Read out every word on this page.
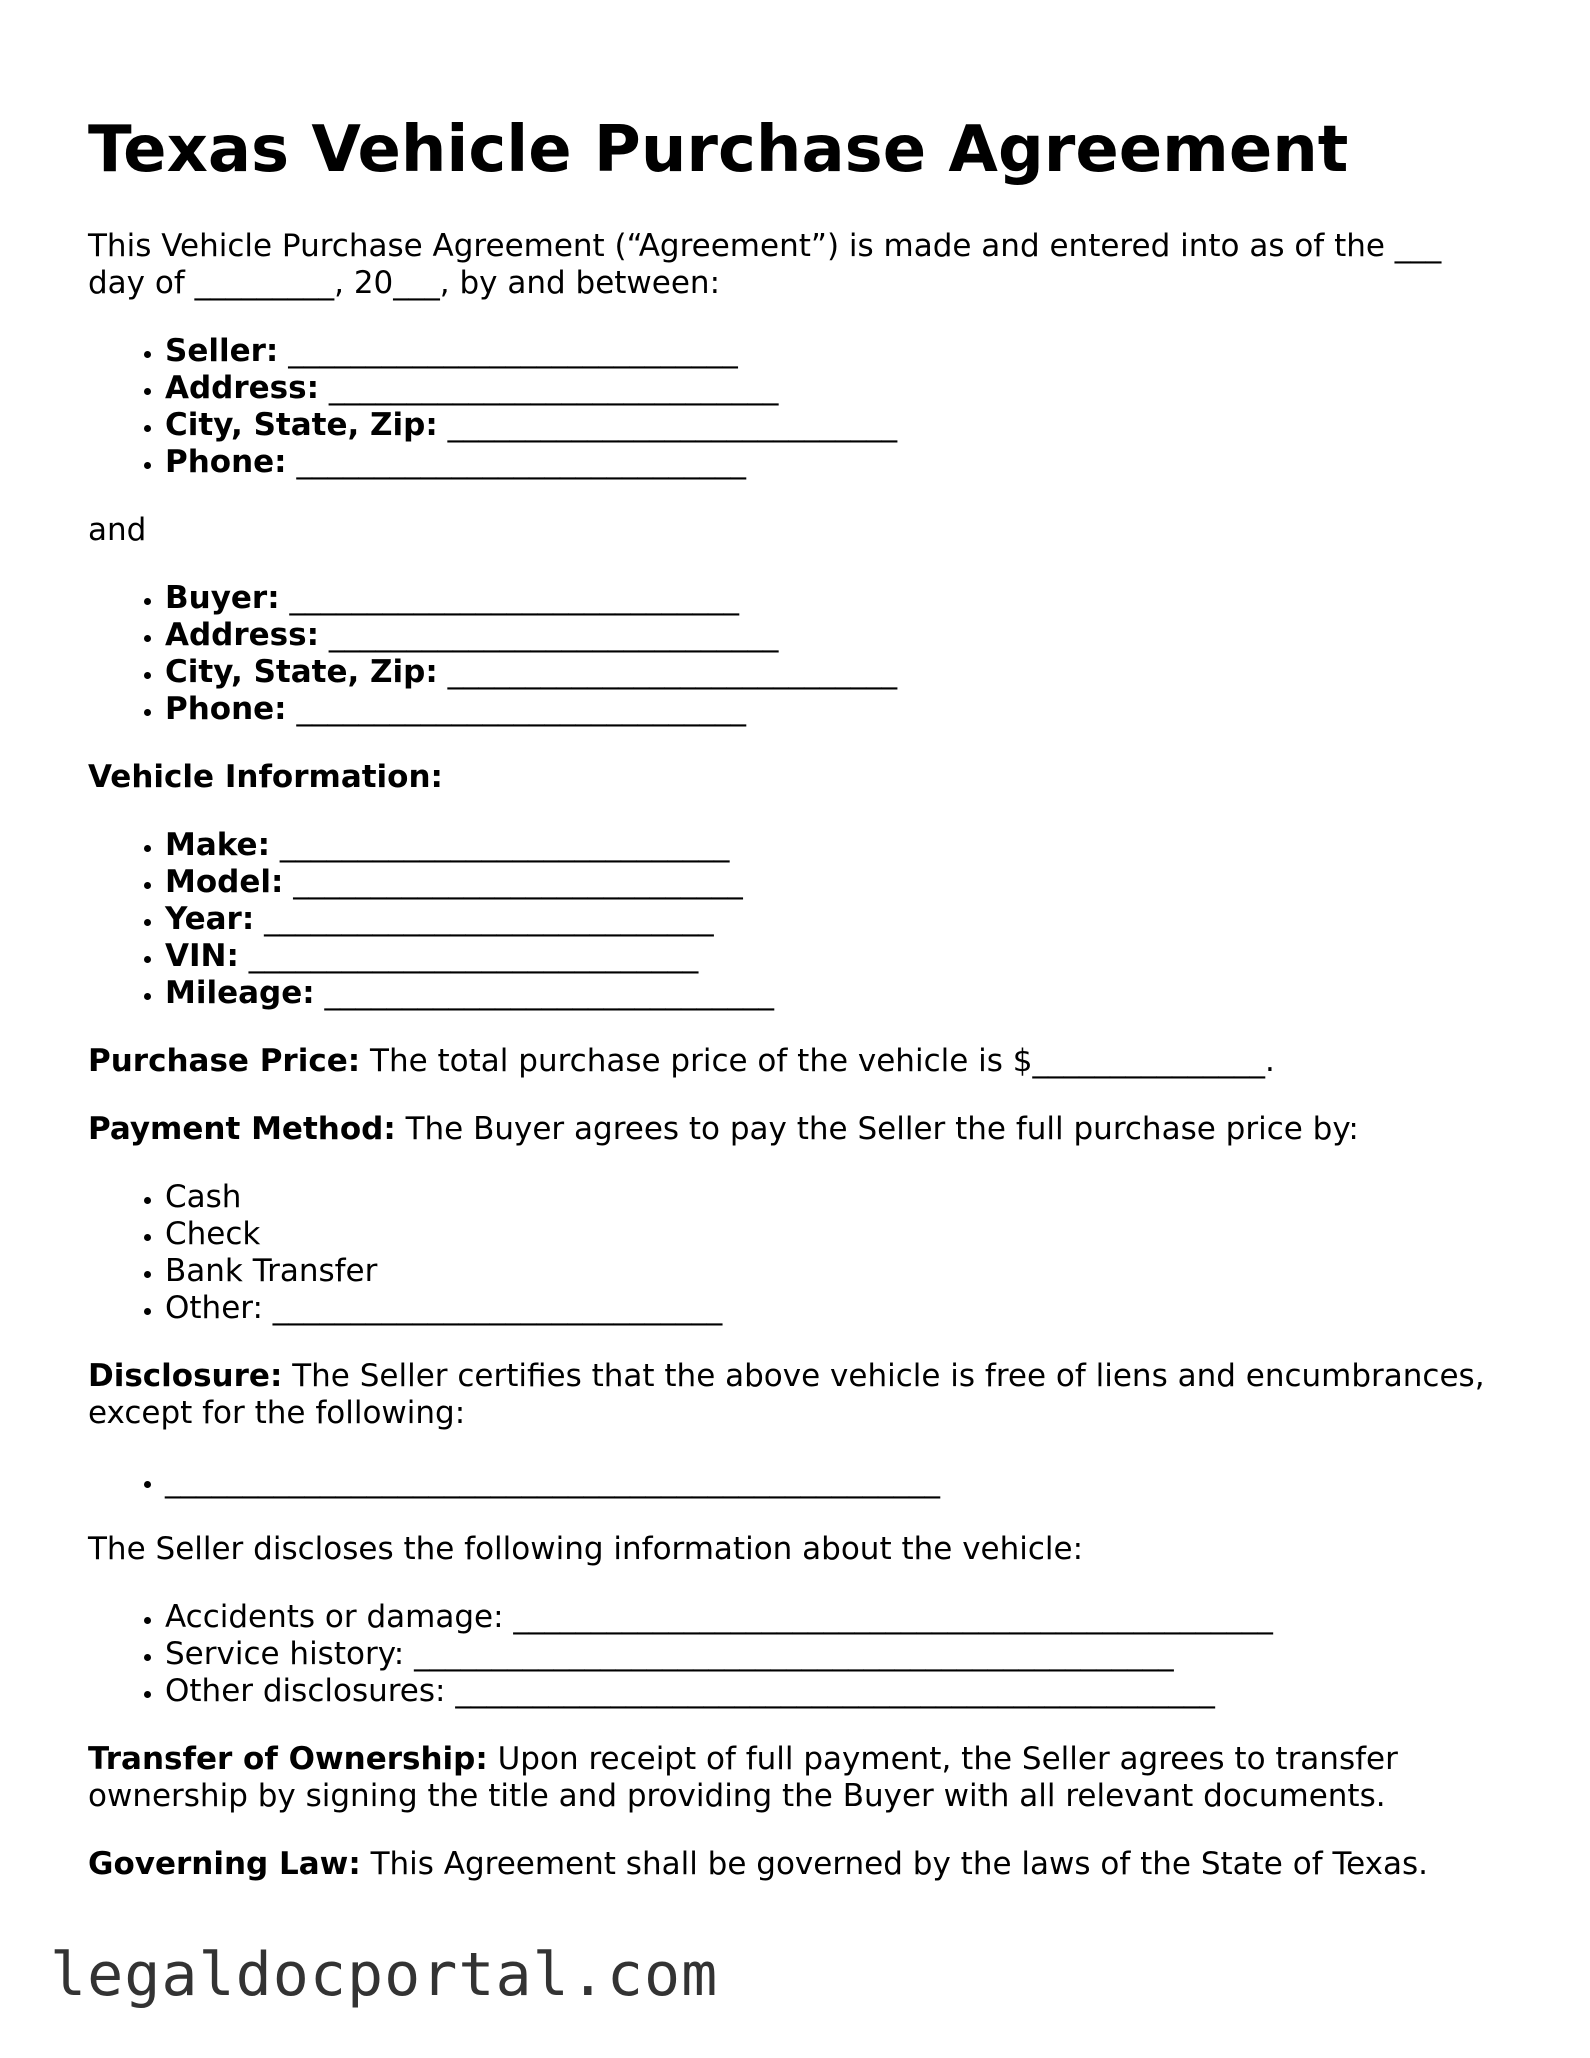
Texas Vehicle Purchase Agreement

This Vehicle Purchase Agreement (“Agreement”) is made and entered into as of the ___ day of _________, 20___, by and between:

• Seller: _____________________________
• Address: _____________________________
• City, State, Zip: _____________________________
• Phone: _____________________________

and

• Buyer: _____________________________
• Address: _____________________________
• City, State, Zip: _____________________________
• Phone: _____________________________

Vehicle Information:

• Make: _____________________________
• Model: _____________________________
• Year: _____________________________
• VIN: _____________________________
• Mileage: _____________________________

Purchase Price: The total purchase price of the vehicle is $_______________.

Payment Method: The Buyer agrees to pay the Seller the full purchase price by:

• Cash
• Check
• Bank Transfer
• Other: _____________________________

Disclosure: The Seller certifies that the above vehicle is free of liens and encumbrances, except for the following:

• __________________________________________________

The Seller discloses the following information about the vehicle:

• Accidents or damage: _________________________________________________
• Service history: _________________________________________________
• Other disclosures: _________________________________________________

Transfer of Ownership: Upon receipt of full payment, the Seller agrees to transfer ownership by signing the title and providing the Buyer with all relevant documents.

Governing Law: This Agreement shall be governed by the laws of the State of Texas.

legaldocportal.com
